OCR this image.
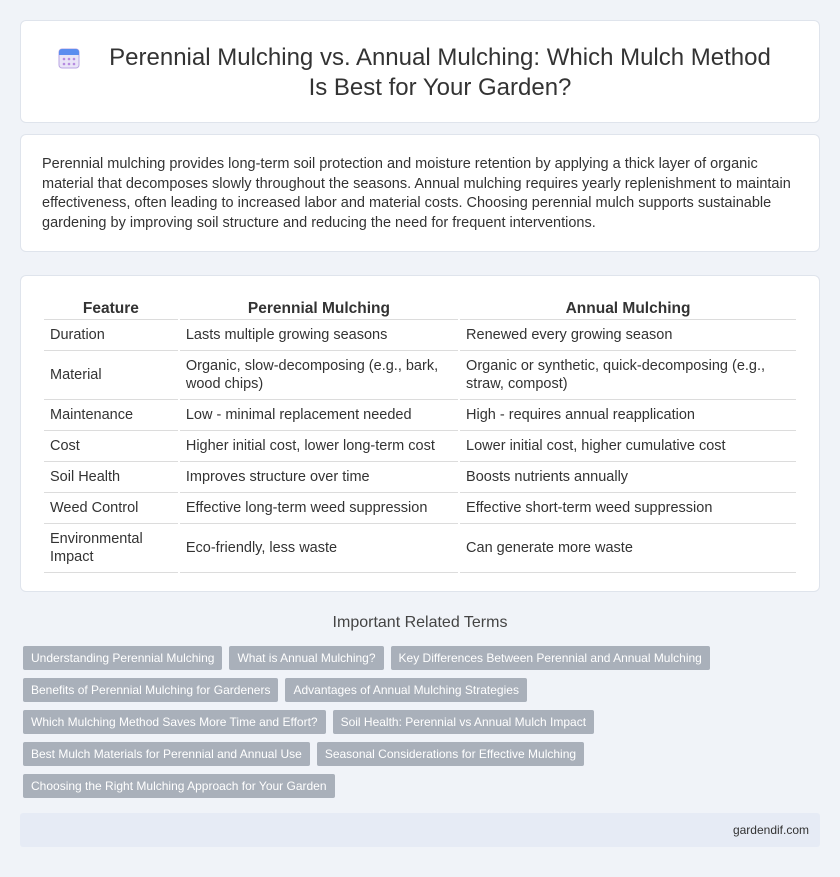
Perennial Mulching vs. Annual Mulching: Which Mulch Method Is Best for Your Garden?

Perennial mulching provides long-term soil protection and moisture retention by applying a thick layer of organic material that decomposes slowly throughout the seasons. Annual mulching requires yearly replenishment to maintain effectiveness, often leading to increased labor and material costs. Choosing perennial mulch supports sustainable gardening by improving soil structure and reducing the need for frequent interventions.

Feature	Perennial Mulching	Annual Mulching
Duration	Lasts multiple growing seasons	Renewed every growing season
Material	Organic, slow-decomposing (e.g., bark, wood chips)	Organic or synthetic, quick-decomposing (e.g., straw, compost)
Maintenance	Low - minimal replacement needed	High - requires annual reapplication
Cost	Higher initial cost, lower long-term cost	Lower initial cost, higher cumulative cost
Soil Health	Improves structure over time	Boosts nutrients annually
Weed Control	Effective long-term weed suppression	Effective short-term weed suppression
Environmental Impact	Eco-friendly, less waste	Can generate more waste
Important Related Terms
Understanding Perennial Mulching	What is Annual Mulching?	Key Differences Between Perennial and Annual Mulching
Benefits of Perennial Mulching for Gardeners	Advantages of Annual Mulching Strategies
Which Mulching Method Saves More Time and Effort?	Soil Health: Perennial vs Annual Mulch Impact
Best Mulch Materials for Perennial and Annual Use	Seasonal Considerations for Effective Mulching
Choosing the Right Mulching Approach for Your Garden
gardendif.com
